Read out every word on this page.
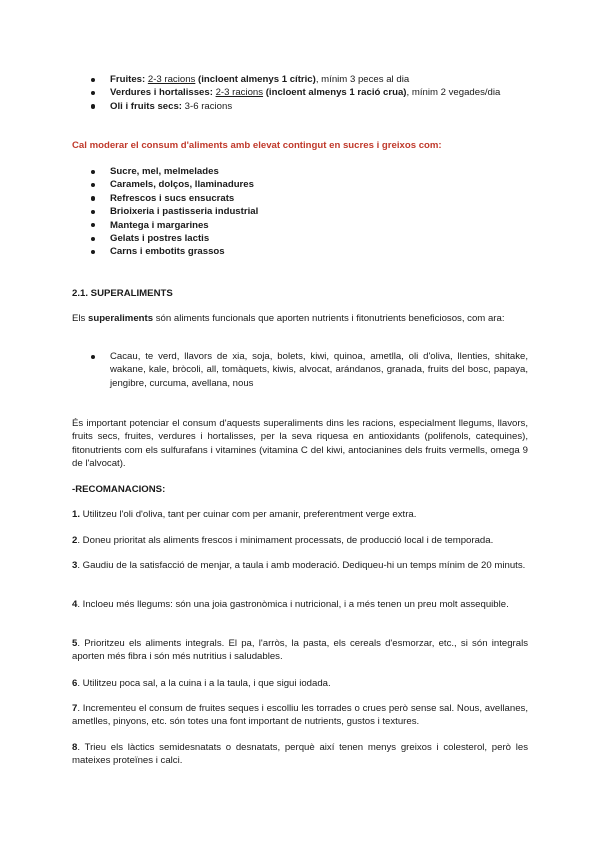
Fruites: 2-3 racions (incloent almenys 1 cítric), mínim 3 peces al dia
Verdures i hortalisses: 2-3 racions (incloent almenys 1 ració crua), mínim 2 vegades/dia
Oli i fruits secs: 3-6 racions

Cal moderar el consum d'aliments amb elevat contingut en sucres i greixos com:

Sucre, mel, melmelades
Caramels, dolços, llaminadures
Refrescos i sucs ensucrats
Brioixeria i pastisseria industrial
Mantega i margarines
Gelats i postres lactis
Carns i embotits grassos

2.1. SUPERALIMENTS

Els superaliments són aliments funcionals que aporten nutrients i fitonutrients beneficiosos, com ara:

Cacau, te verd, llavors de xia, soja, bolets, kiwi, quinoa, ametlla, oli d'oliva, llenties, shitake, wakane, kale, bròcoli, all, tomàquets, kiwis, alvocat, arándanos, granada, fruits del bosc, papaya, jengibre, curcuma, avellana, nous

És important potenciar el consum d'aquests superaliments dins les racions, especialment llegums, llavors, fruits secs, fruites, verdures i hortalisses, per la seva riquesa en antioxidants (polifenols, catequines), fitonutrients com els sulfurafans i vitamines (vitamina C del kiwi, antocianines dels fruits vermells, omega 9 de l'alvocat).

-RECOMANACIONS:

1. Utilitzeu l'oli d'oliva, tant per cuinar com per amanir, preferentment verge extra.

2. Doneu prioritat als aliments frescos i minimament processats, de producció local i de temporada.

3. Gaudiu de la satisfacció de menjar, a taula i amb moderació. Dediqueu-hi un temps mínim de 20 minuts.

4. Incloeu més llegums: són una joia gastronòmica i nutricional, i a més tenen un preu molt assequible.

5. Prioritzeu els aliments integrals. El pa, l'arròs, la pasta, els cereals d'esmorzar, etc., si són integrals aporten més fibra i són més nutritius i saludables.

6. Utilitzeu poca sal, a la cuina i a la taula, i que sigui iodada.

7. Incrementeu el consum de fruites seques i escolliu les torrades o crues però sense sal. Nous, avellanes, ametlles, pinyons, etc. són totes una font important de nutrients, gustos i textures.

8. Trieu els làctics semidesnatats o desnatats, perquè així tenen menys greixos i colesterol, però les mateixes proteïnes i calci.
